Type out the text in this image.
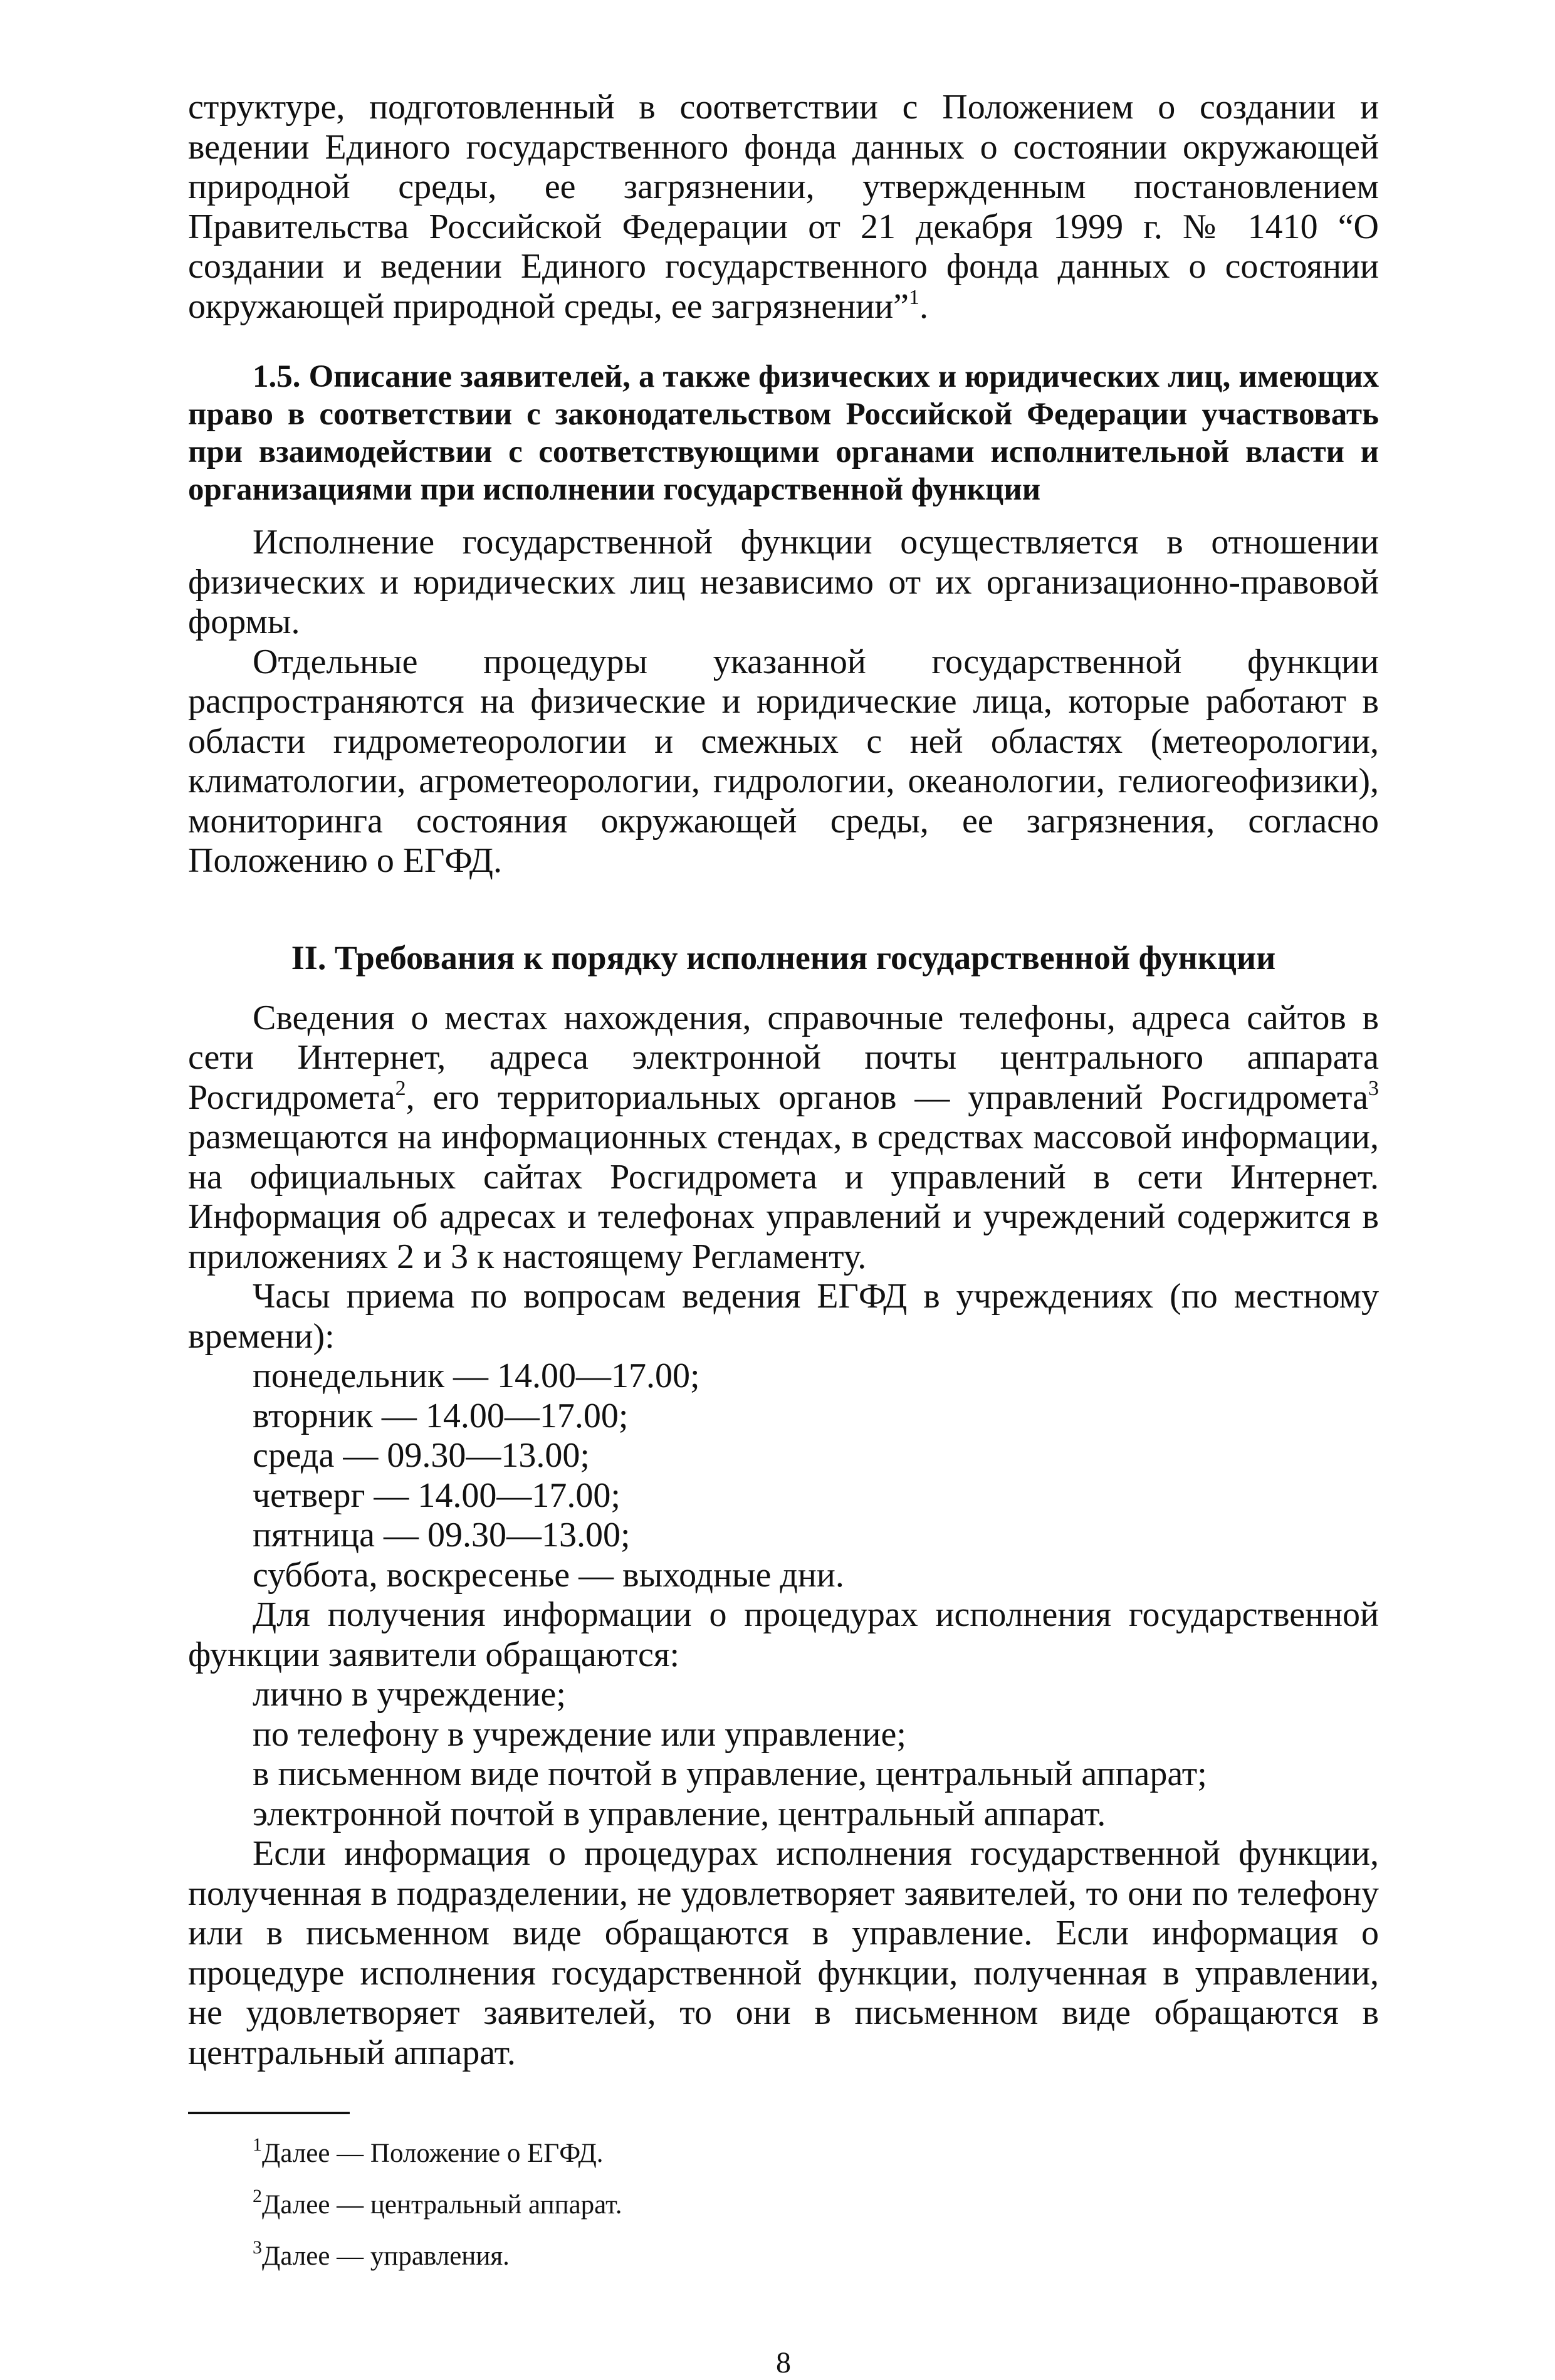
структуре, подготовленный в соответствии с Положением о создании и ведении Единого государственного фонда данных о состоянии окружающей природной среды, ее загрязнении, утвержденным постановлением Правительства Российской Федерации от 21 декабря 1999 г. № 1410 “О создании и ведении Единого государственного фонда данных о состоянии окружающей природной среды, ее загрязнении”$^1$.

1.5. Описание заявителей, а также физических и юридических лиц, имеющих право в соответствии с законодательством Российской Федерации участвовать при взаимодействии с соответствующими органами исполнительной власти и организациями при исполнении государственной функции

Исполнение государственной функции осуществляется в отношении физических и юридических лиц независимо от их организационно-правовой формы.

Отдельные процедуры указанной государственной функции распространяются на физические и юридические лица, которые работают в области гидрометеорологии и смежных с ней областях (метеорологии, климатологии, агрометеорологии, гидрологии, океанологии, гелиогеофизики), мониторинга состояния окружающей среды, ее загрязнения, согласно Положению о ЕГФД.

II. Требования к порядку исполнения государственной функции

Сведения о местах нахождения, справочные телефоны, адреса сайтов в сети Интернет, адреса электронной почты центрального аппарата Росгидромета$^2$, его территориальных органов — управлений Росгидромета$^3$ размещаются на информационных стендах, в средствах массовой информации, на официальных сайтах Росгидромета и управлений в сети Интернет. Информация об адресах и телефонах управлений и учреждений содержится в приложениях 2 и 3 к настоящему Регламенту.

Часы приема по вопросам ведения ЕГФД в учреждениях (по местному времени):

понедельник — 14.00—17.00;
вторник — 14.00—17.00;
среда — 09.30—13.00;
четверг — 14.00—17.00;
пятница — 09.30—13.00;
суббота, воскресенье — выходные дни.

Для получения информации о процедурах исполнения государственной функции заявители обращаются:

лично в учреждение;
по телефону в учреждение или управление;
в письменном виде почтой в управление, центральный аппарат;
электронной почтой в управление, центральный аппарат.

Если информация о процедурах исполнения государственной функции, полученная в подразделении, не удовлетворяет заявителей, то они по телефону или в письменном виде обращаются в управление. Если информация о процедуре исполнения государственной функции, полученная в управлении, не удовлетворяет заявителей, то они в письменном виде обращаются в центральный аппарат.

$^1$Далее — Положение о ЕГФД.
$^2$Далее — центральный аппарат.
$^3$Далее — управления.
8
